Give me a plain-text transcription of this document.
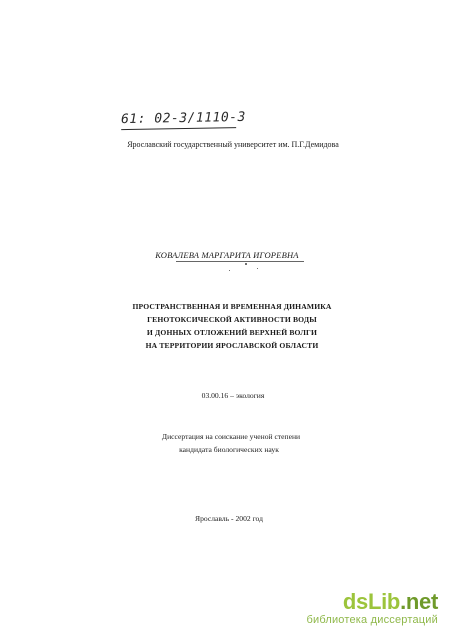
61: 02-3/1110-3
Ярославский государственный университет им. П.Г.Демидова
КОВАЛЕВА МАРГАРИТА ИГОРЕВНА
ПРОСТРАНСТВЕННАЯ И ВРЕМЕННАЯ ДИНАМИКА
ГЕНОТОКСИЧЕСКОЙ АКТИВНОСТИ ВОДЫ
И ДОННЫХ ОТЛОЖЕНИЙ ВЕРХНЕЙ ВОЛГИ
НА ТЕРРИТОРИИ ЯРОСЛАВСКОЙ ОБЛАСТИ
03.00.16 – экология
Диссертация на соискание ученой степени
кандидата биологических наук
Ярославль - 2002 год
dsLib.net
библиотека диссертаций
